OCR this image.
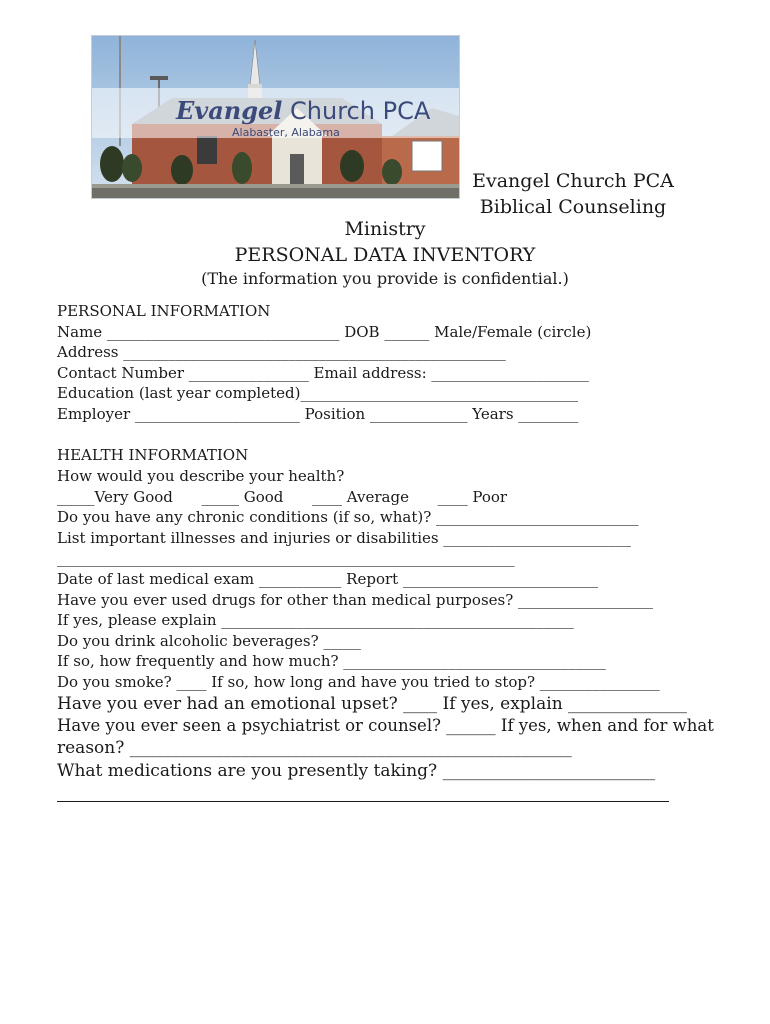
Evangel Church PCA
Alabaster, Alabama
Evangel Church PCA
Biblical Counseling
Ministry
PERSONAL DATA INVENTORY
(The information you provide is confidential.)
PERSONAL INFORMATION
Name _______________________________ DOB ______ Male/Female (circle)
Address ___________________________________________________
Contact Number ________________ Email address: _____________________
Education (last year completed)_____________________________________
Employer ______________________ Position _____________ Years ________
HEALTH INFORMATION
How would you describe your health?
_____Very Good      _____ Good      ____ Average      ____ Poor
Do you have any chronic conditions (if so, what)? ___________________________
List important illnesses and injuries or disabilities _________________________
_____________________________________________________________
Date of last medical exam ___________ Report __________________________
Have you ever used drugs for other than medical purposes? __________________
If yes, please explain _______________________________________________
Do you drink alcoholic beverages? _____
If so, how frequently and how much? ___________________________________
Do you smoke? ____ If so, how long and have you tried to stop? ________________
Have you ever had an emotional upset? ____ If yes, explain ______________
Have you ever seen a psychiatrist or counsel? ______ If yes, when and for what
reason? ____________________________________________________
What medications are you presently taking? _________________________
